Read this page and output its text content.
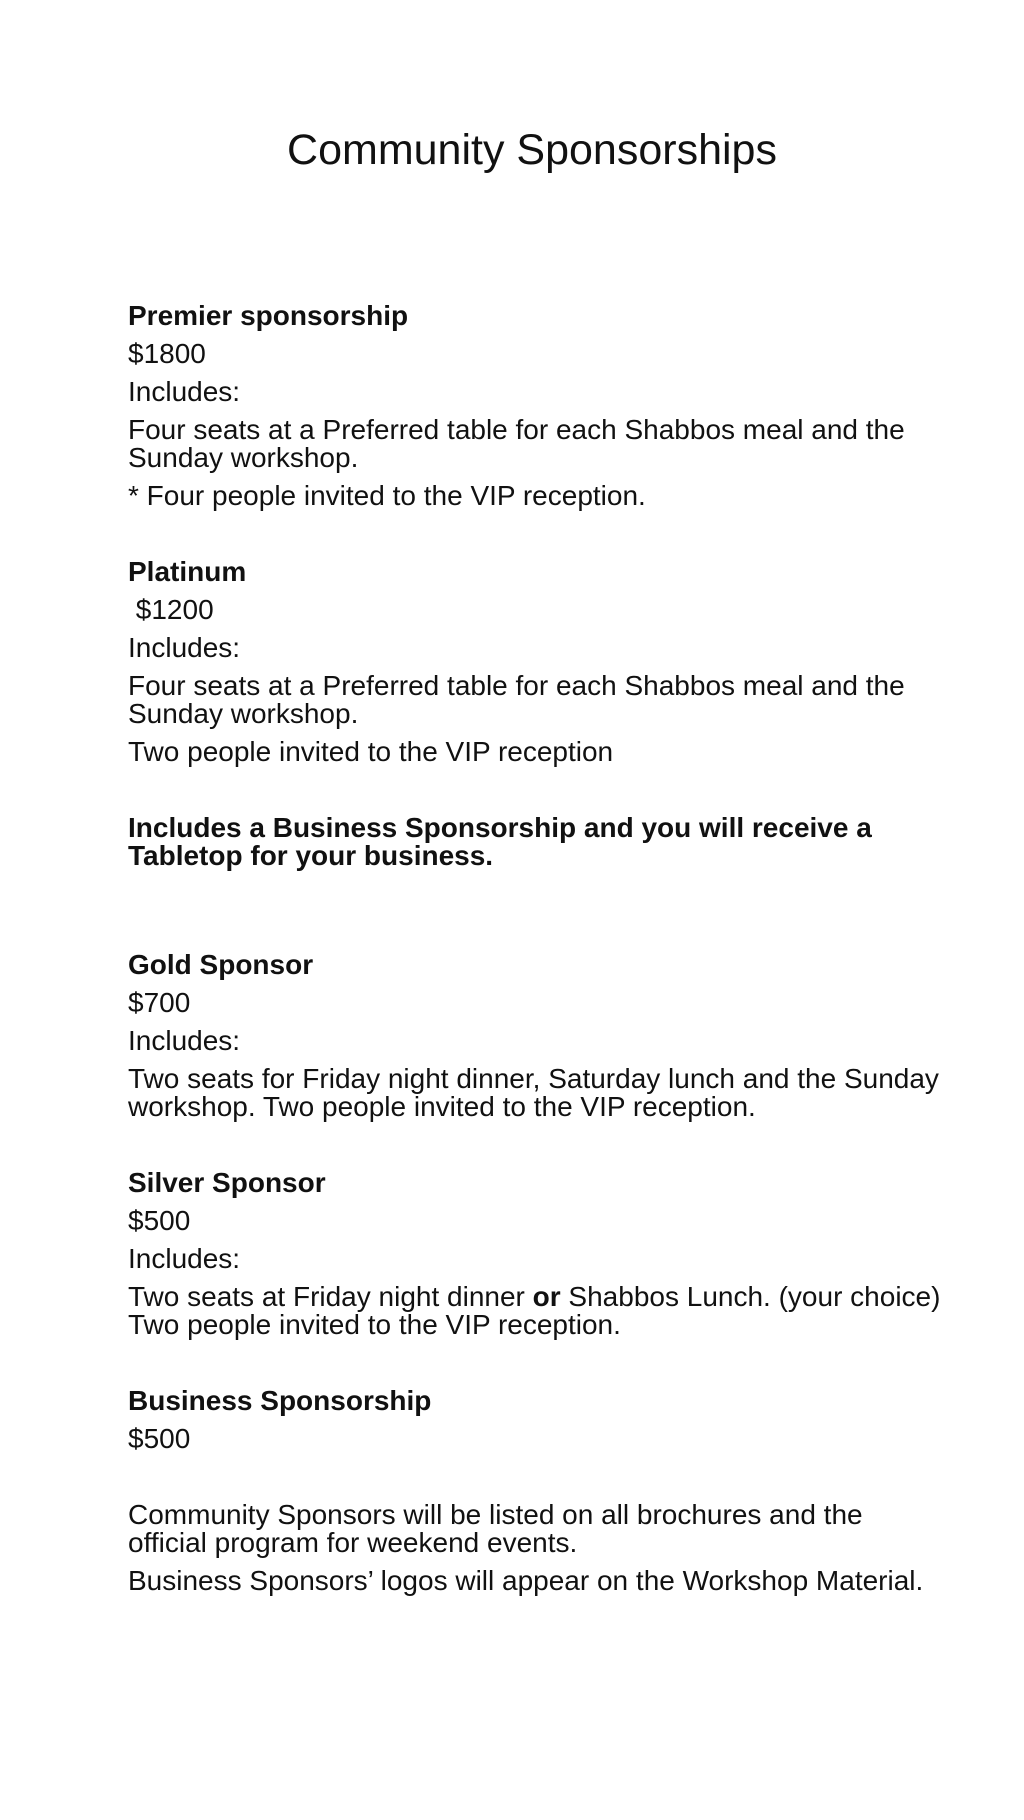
Community Sponsorships

Premier sponsorship

$1800

Includes:

Four seats at a Preferred table for each Shabbos meal and the Sunday workshop.

* Four people invited to the VIP reception.

Platinum

$1200

Includes:

Four seats at a Preferred table for each Shabbos meal and the Sunday workshop.

Two people invited to the VIP reception

Includes a Business Sponsorship and you will receive a Tabletop for your business.

Gold Sponsor

$700

Includes:

Two seats for Friday night dinner, Saturday lunch and the Sunday workshop. Two people invited to the VIP reception.

Silver Sponsor

$500

Includes:

Two seats at Friday night dinner or Shabbos Lunch. (your choice) Two people invited to the VIP reception.

Business Sponsorship

$500

Community Sponsors will be listed on all brochures and the official program for weekend events.

Business Sponsors’ logos will appear on the Workshop Material.
